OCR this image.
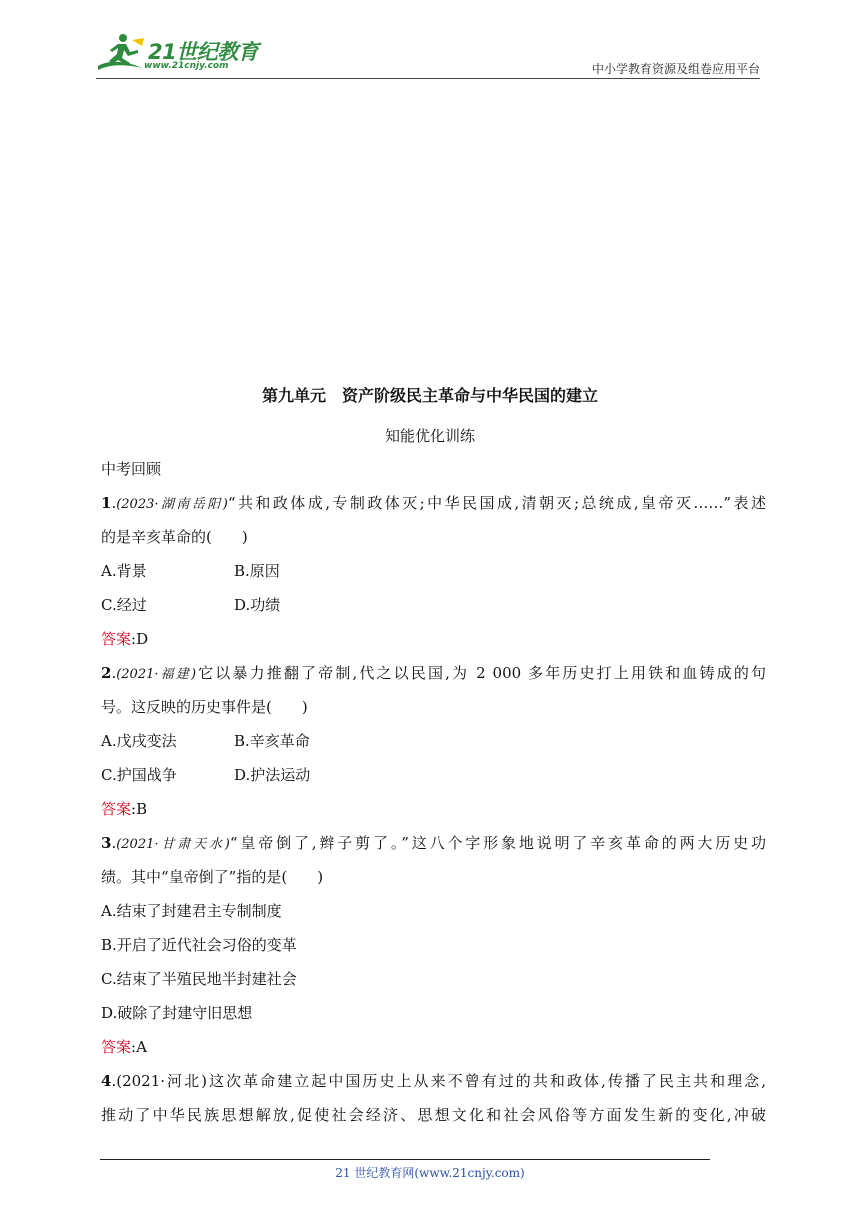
21世纪教育
www.21cnjy.com	中小学教育资源及组卷应用平台
第九单元　资产阶级民主革命与中华民国的建立
知能优化训练
中考回顾
1.(2023·湖南岳阳)“共和政体成,专制政体灭;中华民国成,清朝灭;总统成,皇帝灭……”表述
的是辛亥革命的(　　)
A.背景	B.原因
C.经过	D.功绩
答案:D
2.(2021·福建)它以暴力推翻了帝制,代之以民国,为 2 000 多年历史打上用铁和血铸成的句
号。这反映的历史事件是(　　)
A.戊戌变法	B.辛亥革命
C.护国战争	D.护法运动
答案:B
3.(2021·甘肃天水)“皇帝倒了,辫子剪了。”这八个字形象地说明了辛亥革命的两大历史功
绩。其中“皇帝倒了”指的是(　　)
A.结束了封建君主专制制度
B.开启了近代社会习俗的变革
C.结束了半殖民地半封建社会
D.破除了封建守旧思想
答案:A
4.(2021·河北)这次革命建立起中国历史上从来不曾有过的共和政体,传播了民主共和理念,
推动了中华民族思想解放,促使社会经济、思想文化和社会风俗等方面发生新的变化,冲破
21 世纪教育网(www.21cnjy.com)
